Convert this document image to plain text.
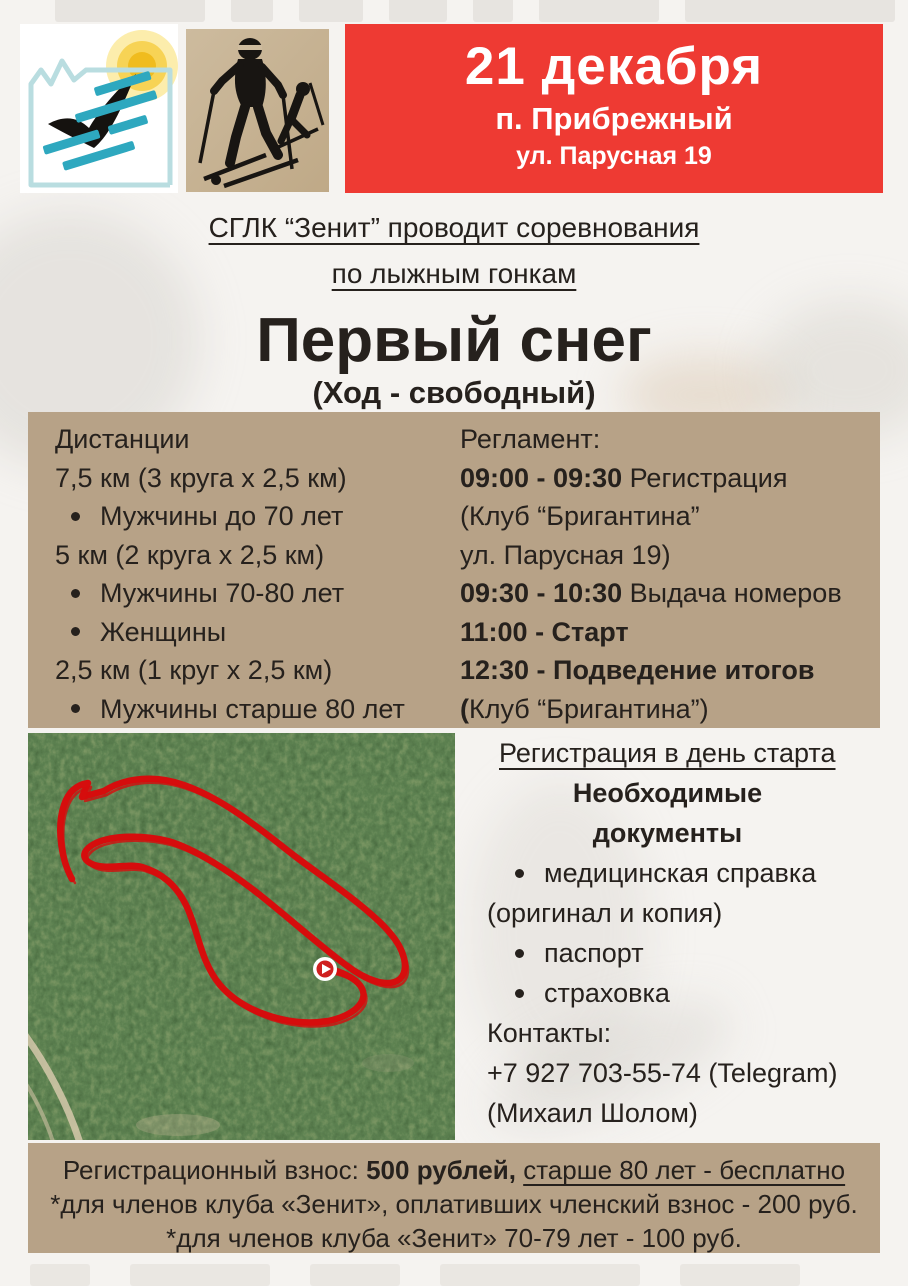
21 декабря
п. Прибрежный
ул. Парусная 19
СГЛК “Зенит” проводит соревнования
по лыжным гонкам
Первый снег
(Ход - свободный)
Дистанции
7,5 км (3 круга х 2,5 км)
Мужчины до 70 лет
5 км (2 круга х 2,5 км)
Мужчины 70-80 лет
Женщины
2,5 км (1 круг х 2,5 км)
Мужчины старше 80 лет
Регламент:
09:00 - 09:30 Регистрация
(Клуб “Бригантина”
ул. Парусная 19)
09:30 - 10:30 Выдача номеров
11:00 - Старт
12:30 - Подведение итогов
(Клуб “Бригантина”)
Регистрация в день старта
Необходимые
документы
медицинская справка
(оригинал и копия)
паспорт
страховка
Контакты:
+7 927 703-55-74 (Telegram)
(Михаил Шолом)
Регистрационный взнос: 500 рублей, старше 80 лет - бесплатно
*для членов клуба «Зенит», оплативших членский взнос - 200 руб.
*для членов клуба «Зенит» 70-79 лет - 100 руб.
